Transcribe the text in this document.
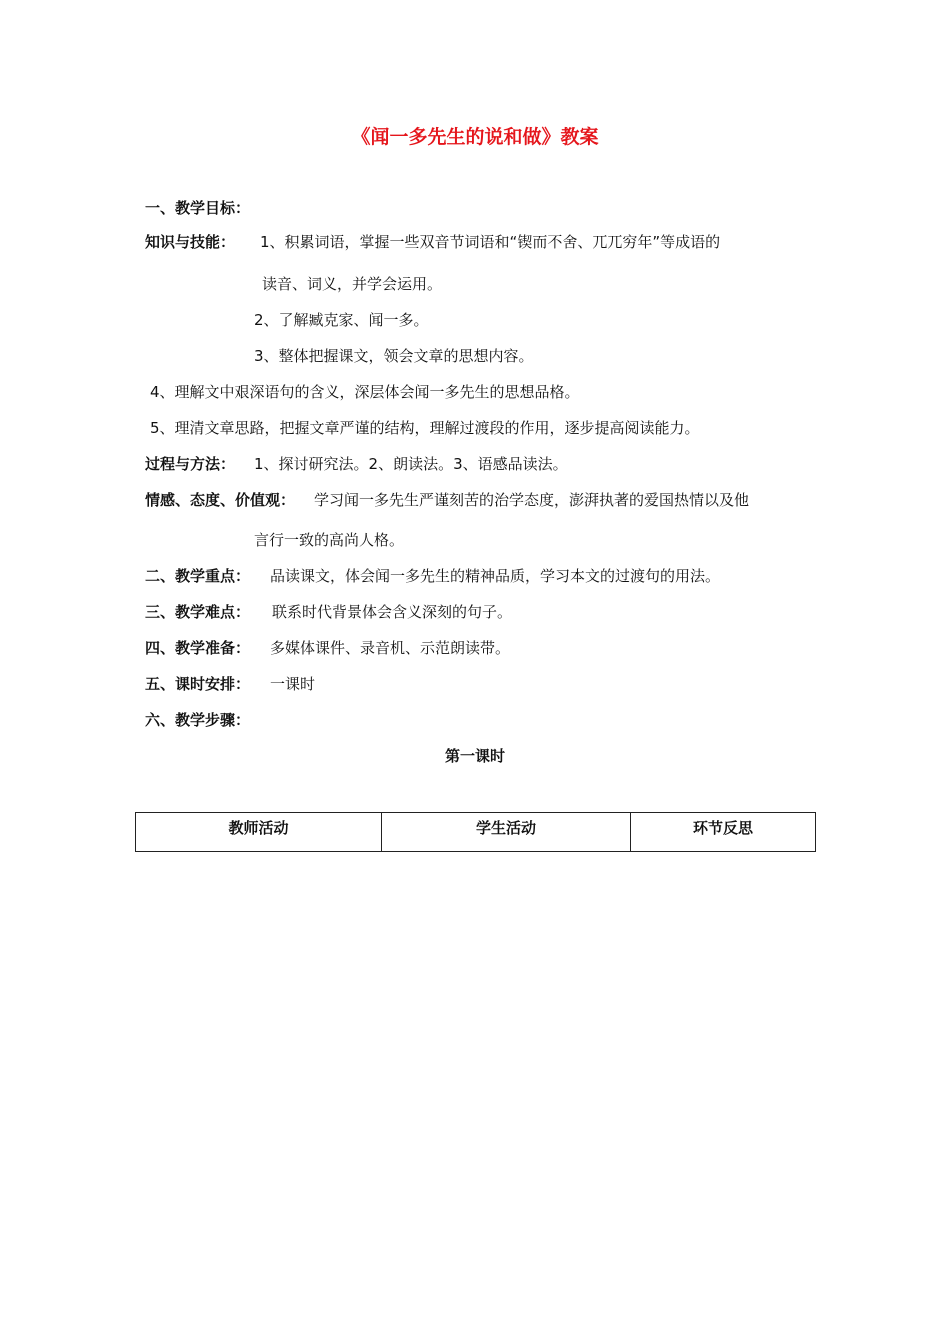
《闻一多先生的说和做》教案
一、教学目标：
知识与技能： 1、积累词语，掌握一些双音节词语和“锲而不舍、兀兀穷年”等成语的
读音、词义，并学会运用。
2、了解臧克家、闻一多。
3、整体把握课文，领会文章的思想内容。
4、理解文中艰深语句的含义，深层体会闻一多先生的思想品格。
5、理清文章思路，把握文章严谨的结构，理解过渡段的作用，逐步提高阅读能力。
过程与方法： 1、探讨研究法。2、朗读法。3、语感品读法。
情感、态度、价值观： 学习闻一多先生严谨刻苦的治学态度，澎湃执著的爱国热情以及他
言行一致的高尚人格。
二、教学重点： 品读课文，体会闻一多先生的精神品质，学习本文的过渡句的用法。
三、教学难点： 联系时代背景体会含义深刻的句子。
四、教学准备： 多媒体课件、录音机、示范朗读带。
五、课时安排： 一课时
六、教学步骤：
第一课时
教师活动	学生活动	环节反思
